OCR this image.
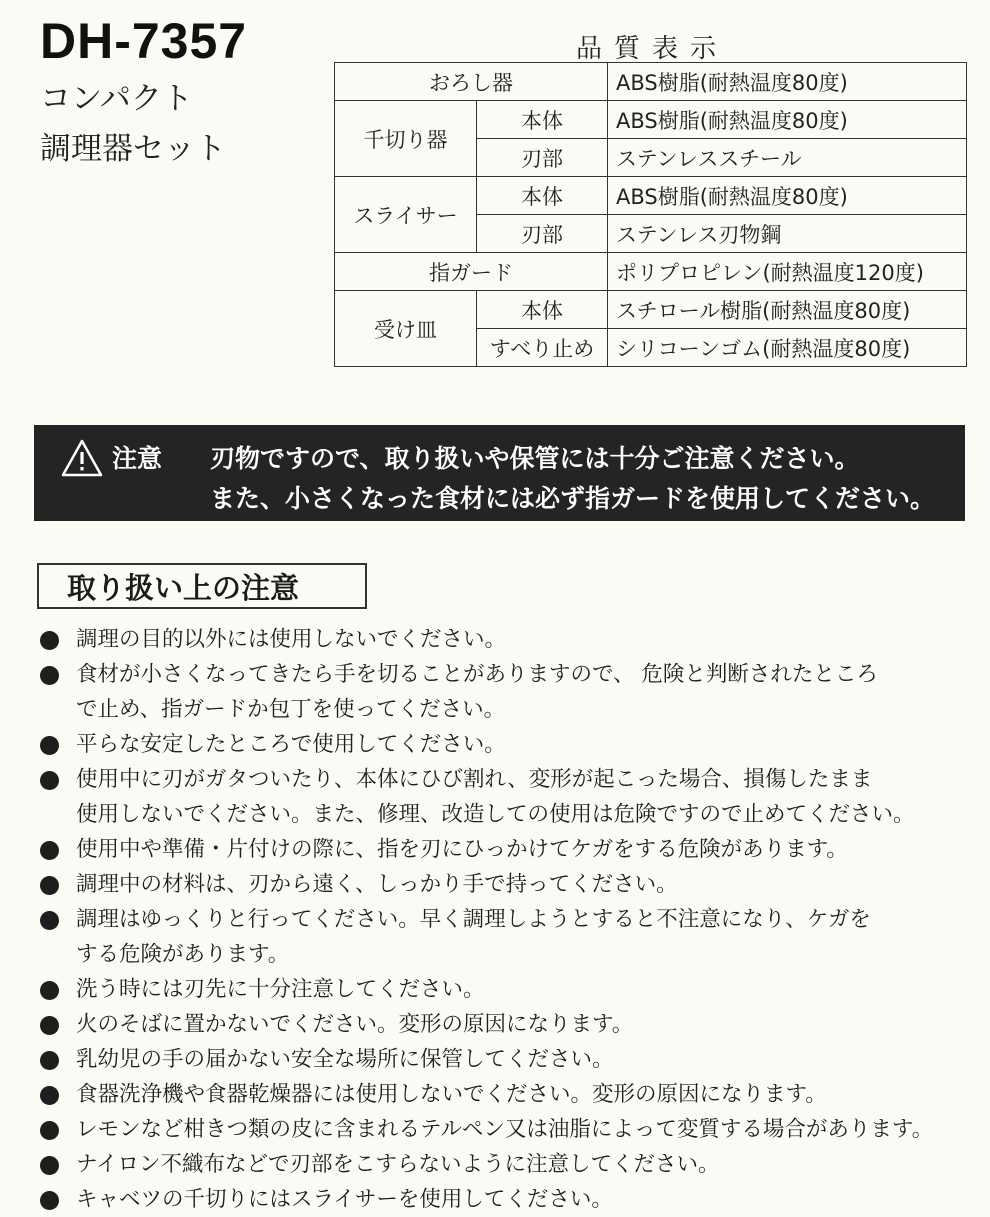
DH-7357
コンパクト
調理器セット
品質表示
おろし器		ABS樹脂(耐熱温度80度)
千切り器	本体	ABS樹脂(耐熱温度80度)
	刃部	ステンレススチール
スライサー	本体	ABS樹脂(耐熱温度80度)
	刃部	ステンレス刃物鋼
指ガード		ポリプロピレン(耐熱温度120度)
受け皿	本体	スチロール樹脂(耐熱温度80度)
	すべり止め	シリコーンゴム(耐熱温度80度)
注意 刃物ですので、取り扱いや保管には十分ご注意ください。
また、小さくなった食材には必ず指ガードを使用してください。
取り扱い上の注意
調理の目的以外には使用しないでください。
食材が小さくなってきたら手を切ることがありますので、 危険と判断されたところ
で止め、指ガードか包丁を使ってください。
平らな安定したところで使用してください。
使用中に刃がガタついたり、本体にひび割れ、変形が起こった場合、損傷したまま
使用しないでください。また、修理、改造しての使用は危険ですので止めてください。
使用中や準備・片付けの際に、指を刃にひっかけてケガをする危険があります。
調理中の材料は、刃から遠く、しっかり手で持ってください。
調理はゆっくりと行ってください。早く調理しようとすると不注意になり、ケガを
する危険があります。
洗う時には刃先に十分注意してください。
火のそばに置かないでください。変形の原因になります。
乳幼児の手の届かない安全な場所に保管してください。
食器洗浄機や食器乾燥器には使用しないでください。変形の原因になります。
レモンなど柑きつ類の皮に含まれるテルペン又は油脂によって変質する場合があります。
ナイロン不織布などで刃部をこすらないように注意してください。
キャベツの千切りにはスライサーを使用してください。
